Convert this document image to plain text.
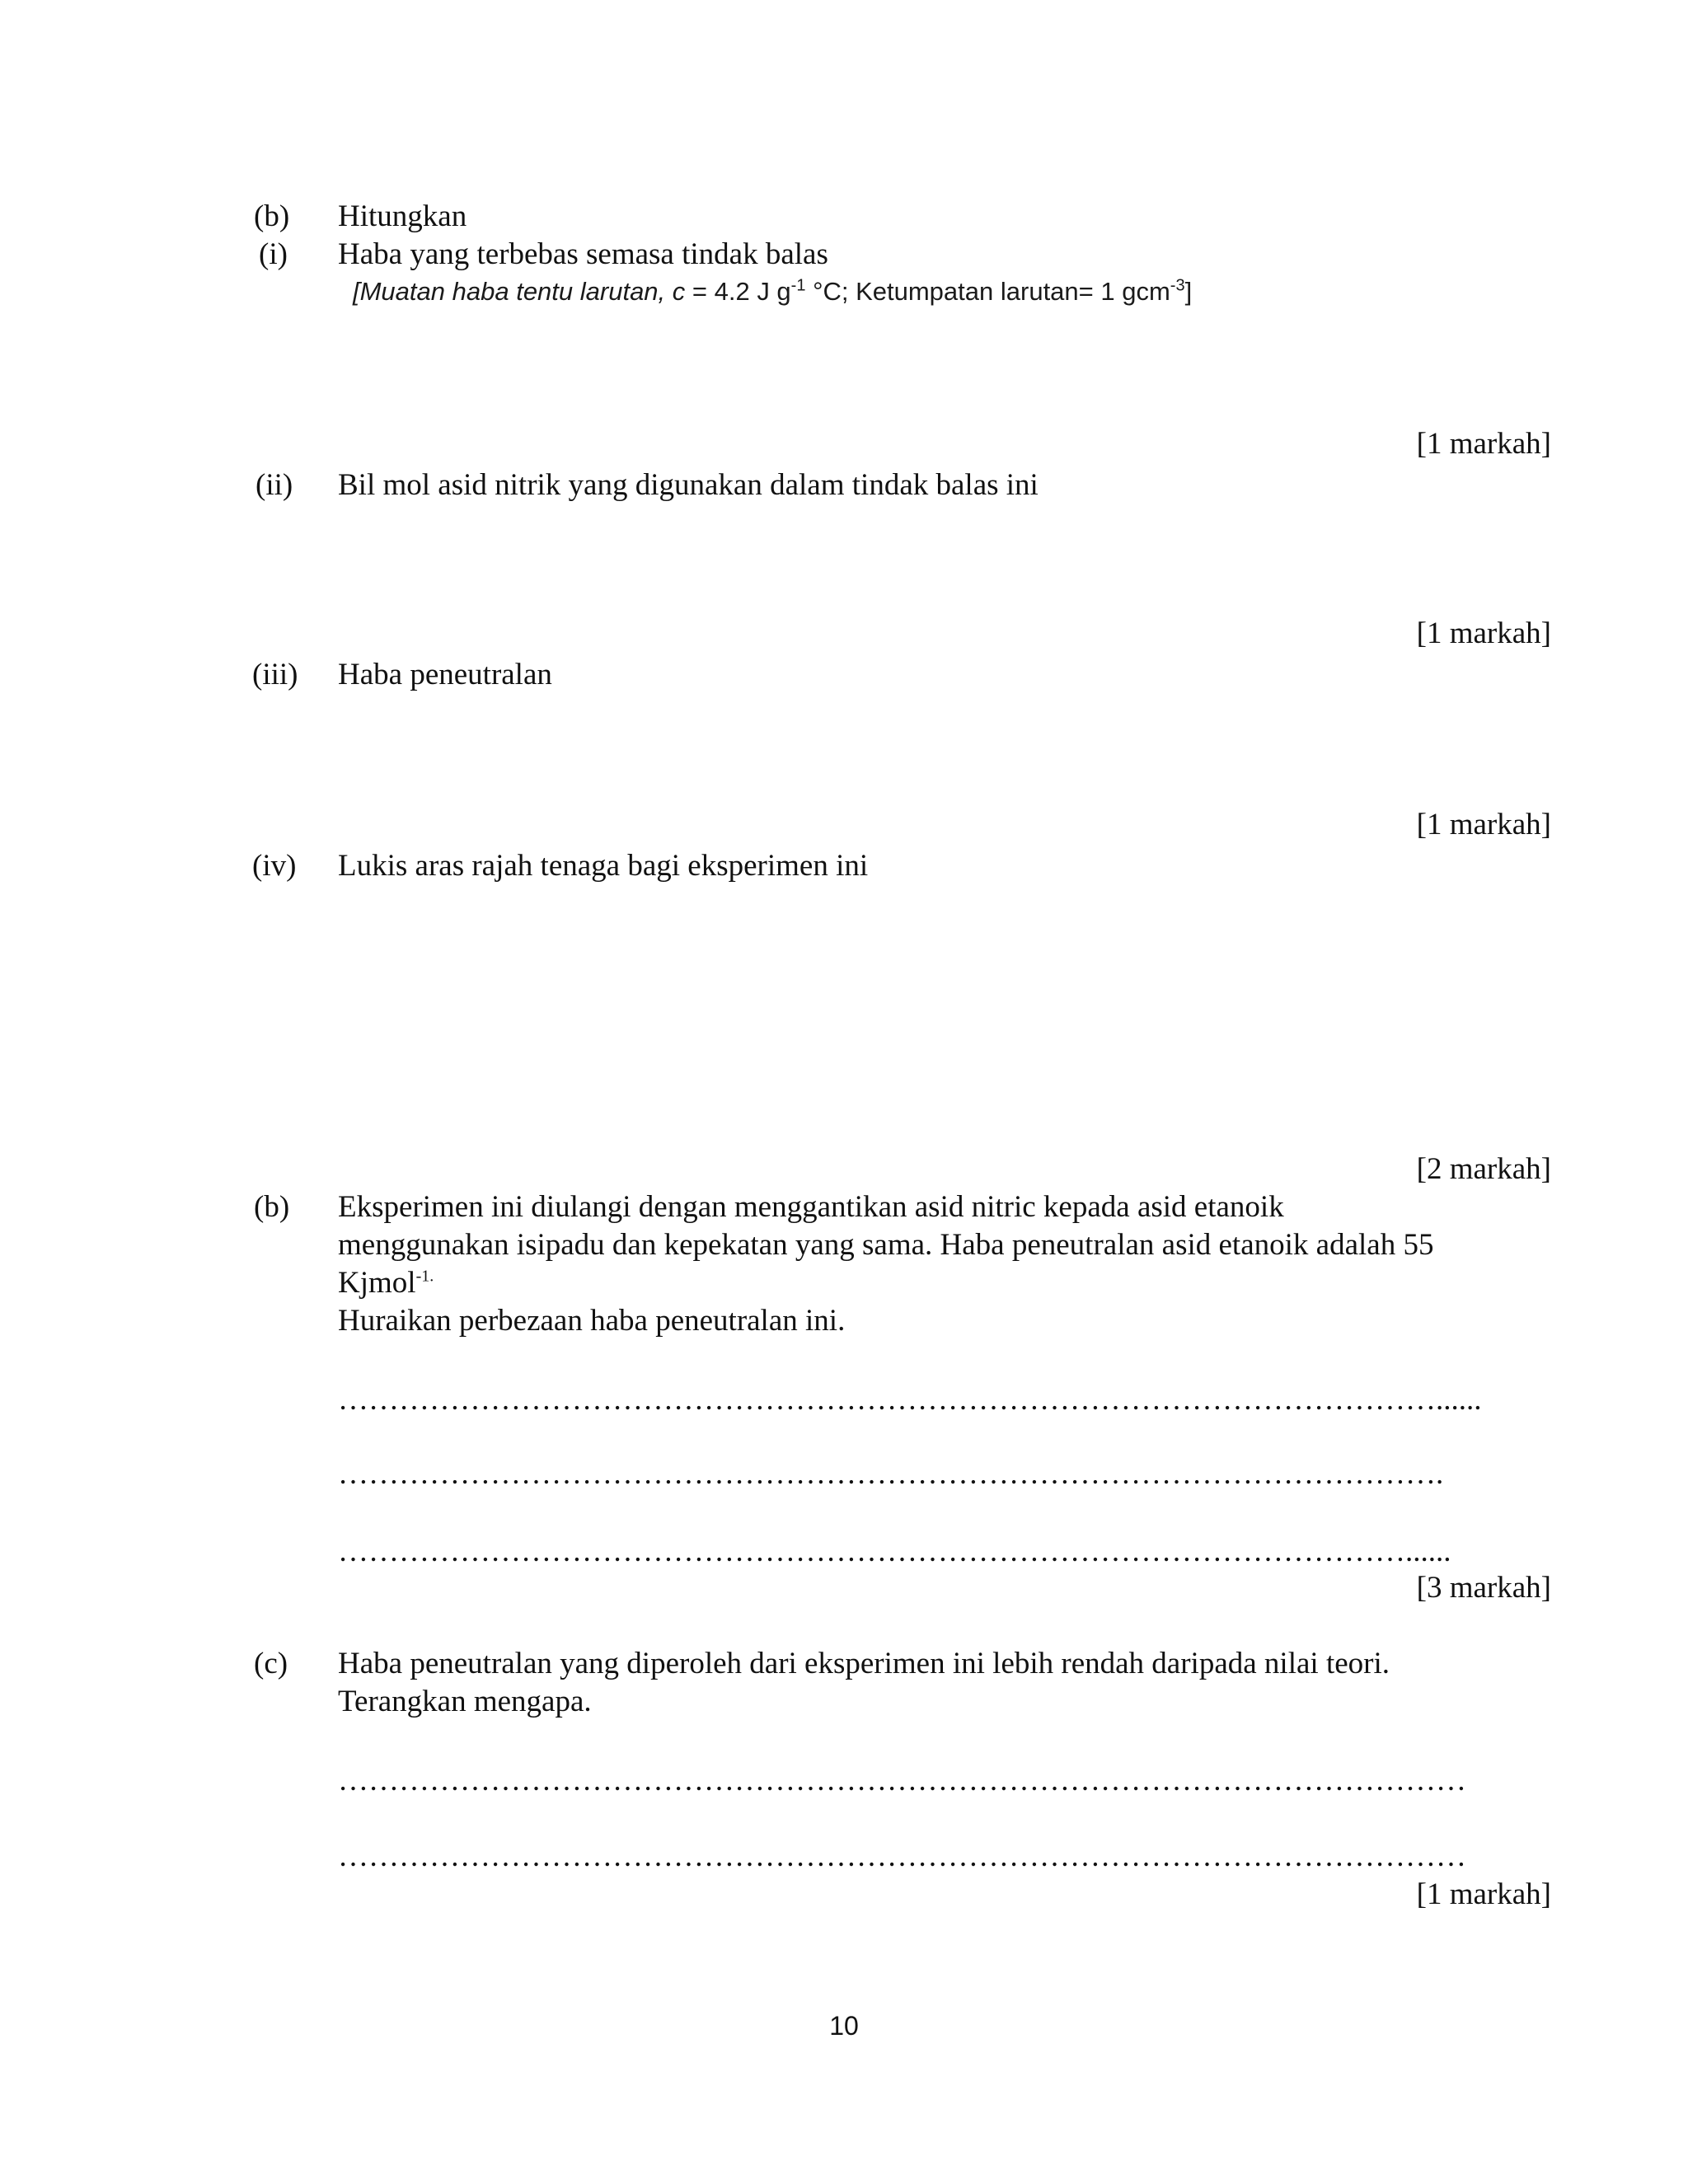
(b) Hitungkan
(i) Haba yang terbebas semasa tindak balas
[Muatan haba tentu larutan, c = 4.2 J $g^{-1}$ °C; Ketumpatan larutan= 1 gcm$^{-3}$]
[1 markah]
(ii) Bil mol asid nitrik yang digunakan dalam tindak balas ini
[1 markah]
(iii) Haba peneutralan
[1 markah]
(iv) Lukis aras rajah tenaga bagi eksperimen ini
[2 markah]
(b) Eksperimen ini diulangi dengan menggantikan asid nitric kepada asid etanoik
menggunakan isipadu dan kepekatan yang sama. Haba peneutralan asid etanoik adalah 55
Kjmol$^{-1.}$
Huraikan perbezaan haba peneutralan ini.
………………………………………………………………………………………………......
……………………………………………………………………………………………….
……………………………………………………………………………………………......
[3 markah]
(c) Haba peneutralan yang diperoleh dari eksperimen ini lebih rendah daripada nilai teori.
Terangkan mengapa.
…………………………………………………………………………………………………
…………………………………………………………………………………………………
[1 markah]
10
